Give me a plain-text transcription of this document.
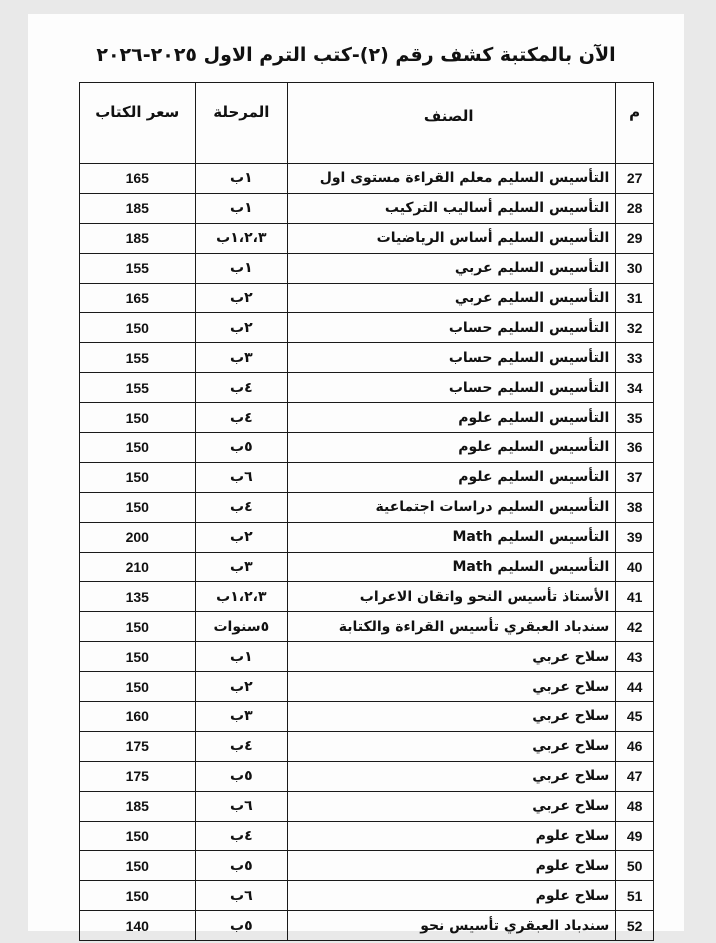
الآن بالمكتبة كشف رقم (٢)-كتب الترم الاول ٢٠٢٥-٢٠٢٦
م	الصنف	المرحلة	سعر الكتاب
27	التأسيس السليم معلم القراءة مستوى اول	١ب	165
28	التأسيس السليم أساليب التركيب	١ب	185
29	التأسيس السليم أساس الرياضيات	١،٢،٣ب	185
30	التأسيس السليم عربي	١ب	155
31	التأسيس السليم عربي	٢ب	165
32	التأسيس السليم حساب	٢ب	150
33	التأسيس السليم حساب	٣ب	155
34	التأسيس السليم حساب	٤ب	155
35	التأسيس السليم علوم	٤ب	150
36	التأسيس السليم علوم	٥ب	150
37	التأسيس السليم علوم	٦ب	150
38	التأسيس السليم دراسات اجتماعية	٤ب	150
39	التأسيس السليم Math	٢ب	200
40	التأسيس السليم Math	٣ب	210
41	الأستاذ تأسيس النحو واتقان الاعراب	١،٢،٣ب	135
42	سندباد العبقري تأسيس القراءة والكتابة	٥سنوات	150
43	سلاح عربي	١ب	150
44	سلاح عربي	٢ب	150
45	سلاح عربي	٣ب	160
46	سلاح عربي	٤ب	175
47	سلاح عربي	٥ب	175
48	سلاح عربي	٦ب	185
49	سلاح علوم	٤ب	150
50	سلاح علوم	٥ب	150
51	سلاح علوم	٦ب	150
52	سندباد العبقري تأسيس نحو	٥ب	140
